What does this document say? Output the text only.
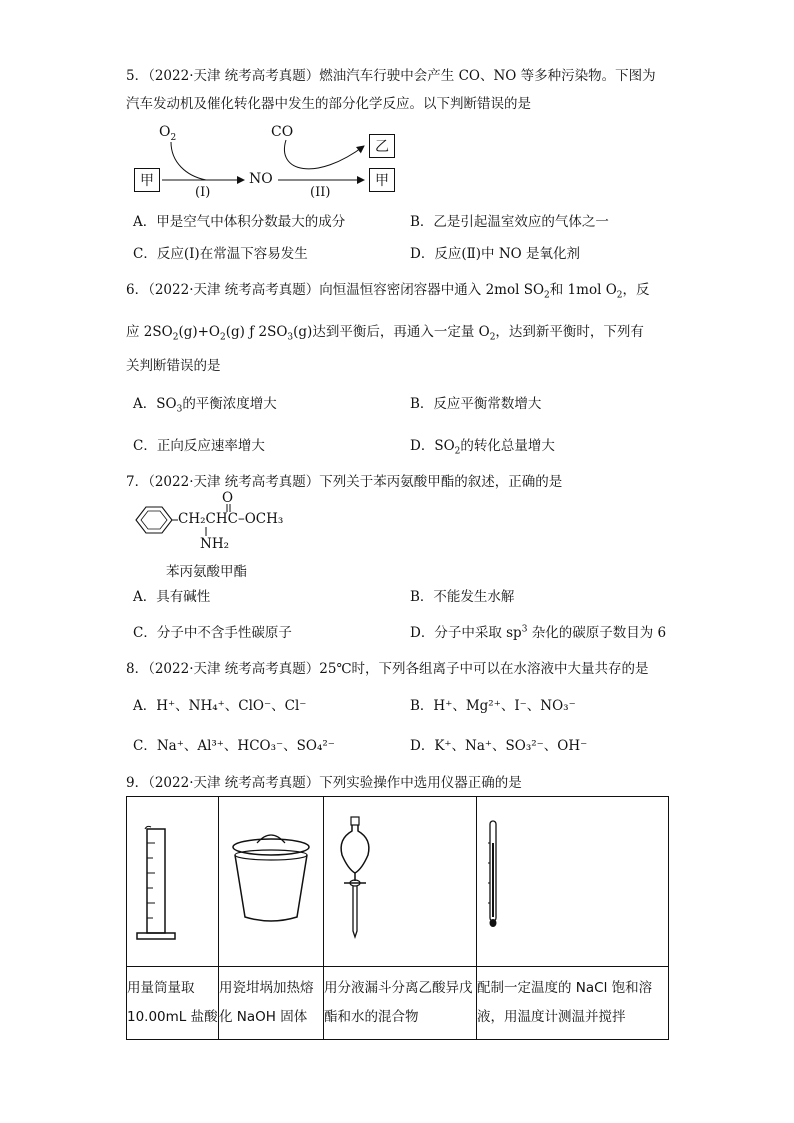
5．（2022·天津 统考高考真题）燃油汽车行驶中会产生 CO、NO 等多种污染物。下图为
汽车发动机及催化转化器中发生的部分化学反应。以下判断错误的是
$O_2$	CO
甲	NO
乙
甲
(I)	(II)
A．甲是空气中体积分数最大的成分	B．乙是引起温室效应的气体之一
C．反应(Ⅰ)在常温下容易发生	D．反应(Ⅱ)中 NO 是氧化剂
6．（2022·天津 统考高考真题）向恒温恒容密闭容器中通入 2mol $SO_2$和 1mol $O_2$，反
应 $2SO_2(g)+O_2(g)$ ƒ $2SO_3(g)$达到平衡后，再通入一定量 $O_2$，达到新平衡时，下列有
关判断错误的是
A．$SO_3$的平衡浓度增大	B．反应平衡常数增大
C．正向反应速率增大	D．$SO_2$的转化总量增大
7．（2022·天津 统考高考真题）下列关于苯丙氨酸甲酯的叙述，正确的是
O
CH₂CHC–OCH₃
NH₂
苯丙氨酸甲酯
A．具有碱性	B．不能发生水解
C．分子中不含手性碳原子	D．分子中采取 $sp^3$ 杂化的碳原子数目为 6
8．（2022·天津 统考高考真题）25℃时，下列各组离子中可以在水溶液中大量共存的是
A．H⁺、NH₄⁺、ClO⁻、Cl⁻	B．H⁺、Mg²⁺、I⁻、NO₃⁻
C．Na⁺、Al³⁺、HCO₃⁻、SO₄²⁻	D．K⁺、Na⁺、SO₃²⁻、OH⁻
9．（2022·天津 统考高考真题）下列实验操作中选用仪器正确的是

用量筒量取 10.00mL 盐酸	用瓷坩埚加热熔化 NaOH 固体	用分液漏斗分离乙酸异戊酯和水的混合物	配制一定温度的 NaCl 饱和溶液，用温度计测温并搅拌
